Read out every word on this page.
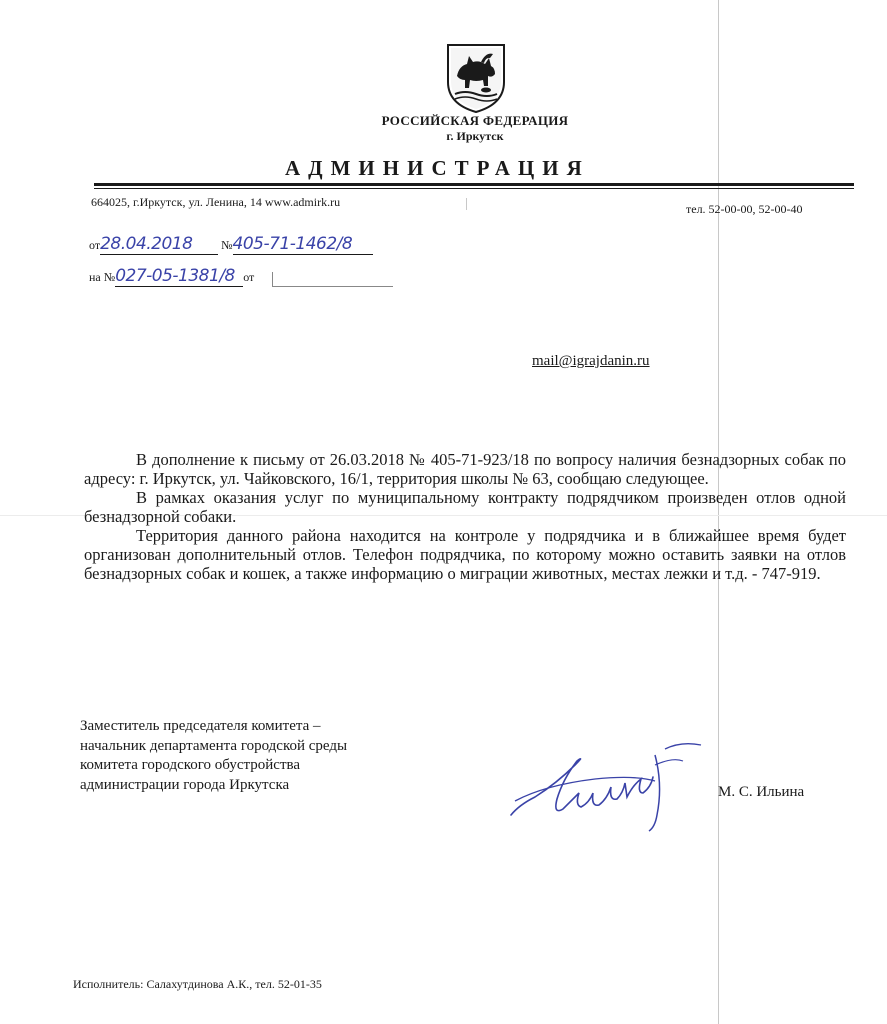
РОССИЙСКАЯ ФЕДЕРАЦИЯ
г. Иркутск
АДМИНИСТРАЦИЯ
664025, г.Иркутск, ул. Ленина, 14 www.admirk.ru	тел. 52-00-00, 52-00-40
от28.04.2018 №405-71-1462/8
на №027-05-1381/8 от
mail@igrajdanin.ru

В дополнение к письму от 26.03.2018 № 405-71-923/18 по вопросу наличия безнадзорных собак по адресу: г. Иркутск, ул. Чайковского, 16/1, территория школы № 63, сообщаю следующее.

В рамках оказания услуг по муниципальному контракту подрядчиком произведен отлов одной безнадзорной собаки.

Территория данного района находится на контроле у подрядчика и в ближайшее время будет организован дополнительный отлов. Телефон подрядчика, по которому можно оставить заявки на отлов безнадзорных собак и кошек, а также информацию о миграции животных, местах лежки и т.д. - 747-919.

Заместитель председателя комитета –
начальник департамента городской среды
комитета городского обустройства
администрации города Иркутска	М. С. Ильина
Исполнитель: Салахутдинова А.К., тел. 52-01-35
